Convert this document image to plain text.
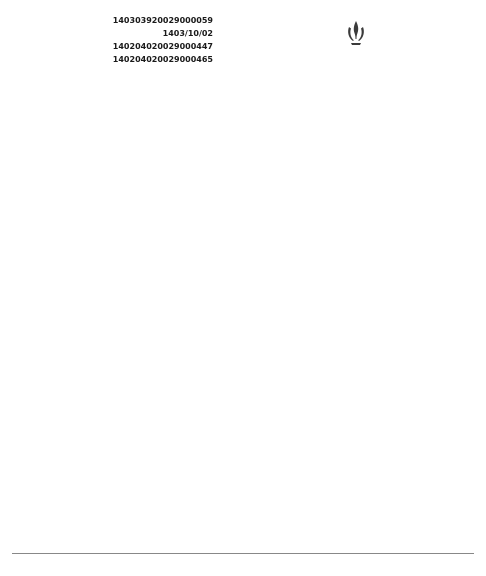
140303920029000059
1403/10/02
140204020029000447
140204020029000465
